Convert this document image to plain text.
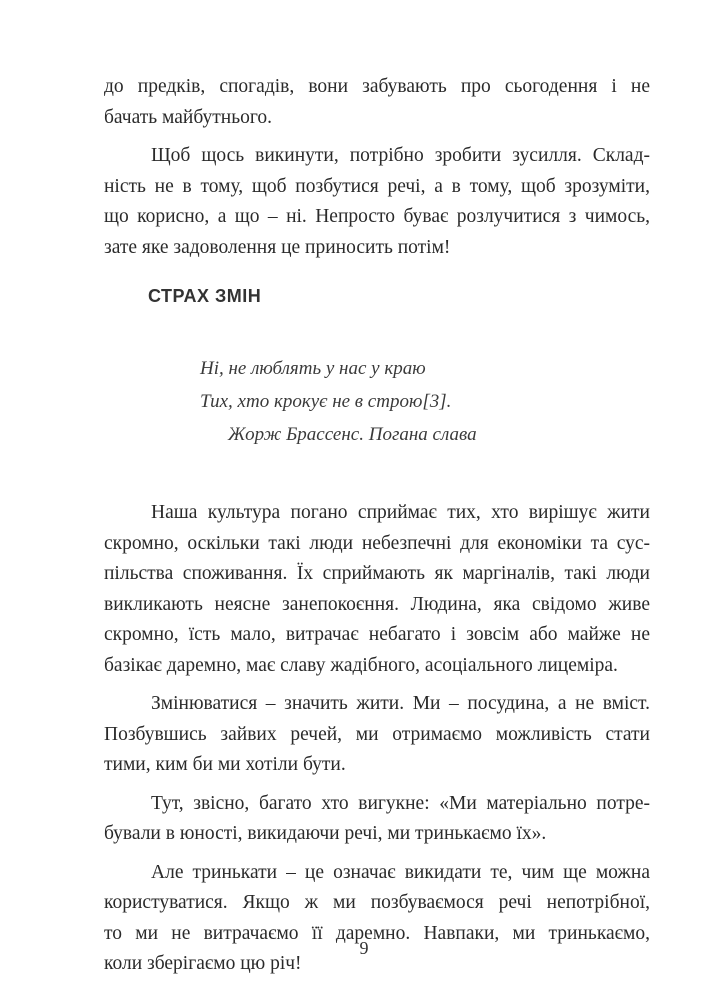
до предків, спогадів, вони забувають про сьогодення і не
бачать майбутнього.

Щоб щось викинути, потрібно зробити зусилля. Склад-
ність не в тому, щоб позбутися речі, а в тому, щоб зрозуміти,
що корисно, а що – ні. Непросто буває розлучитися з чимось,
зате яке задоволення це приносить потім!

СТРАХ ЗМІН
Ні, не люблять у нас у краю
Тих, хто крокує не в строю[3].
Жорж Брассенс. Погана слава

Наша культура погано сприймає тих, хто вирішує жити
скромно, оскільки такі люди небезпечні для економіки та сус-
пільства споживання. Їх сприймають як маргіналів, такі люди
викликають неясне занепокоєння. Людина, яка свідомо живе
скромно, їсть мало, витрачає небагато і зовсім або майже не
базікає даремно, має славу жадібного, асоціального лицеміра.

Змінюватися – значить жити. Ми – посудина, а не вміст.
Позбувшись зайвих речей, ми отримаємо можливість стати
тими, ким би ми хотіли бути.

Тут, звісно, багато хто вигукне: «Ми матеріально потре-
бували в юності, викидаючи речі, ми тринькаємо їх».

Але тринькати – це означає викидати те, чим ще можна
користуватися. Якщо ж ми позбуваємося речі непотрібної,
то ми не витрачаємо її даремно. Навпаки, ми тринькаємо,
коли зберігаємо цю річ!

9
